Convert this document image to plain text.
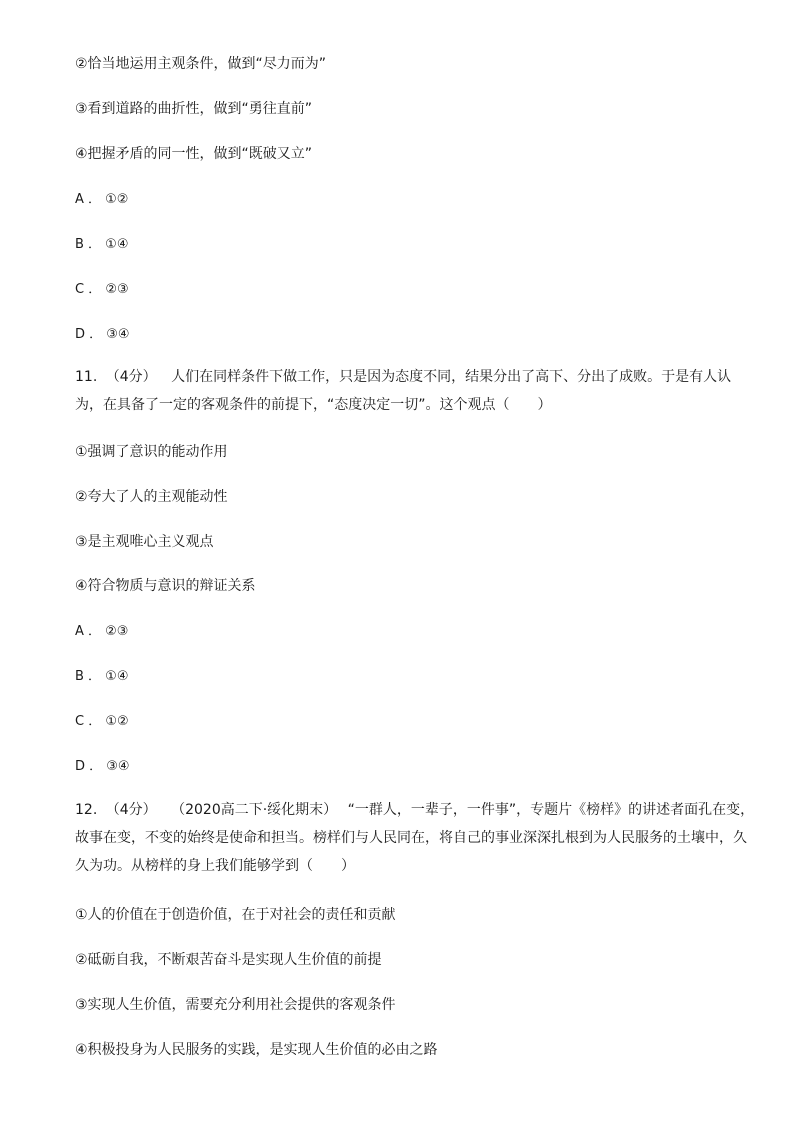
②恰当地运用主观条件，做到“尽力而为”
③看到道路的曲折性，做到“勇往直前”
④把握矛盾的同一性，做到“既破又立”
A ． ①②
B ． ①④
C ． ②③
D ． ③④
11. （4分） 人们在同样条件下做工作，只是因为态度不同，结果分出了高下、分出了成败。于是有人认为，在具备了一定的客观条件的前提下，“态度决定一切”。这个观点（　　）
①强调了意识的能动作用
②夸大了人的主观能动性
③是主观唯心主义观点
④符合物质与意识的辩证关系
A ． ②③
B ． ①④
C ． ①②
D ． ③④
12. （4分） （2020高二下·绥化期末） “一群人，一辈子，一件事”，专题片《榜样》的讲述者面孔在变，故事在变，不变的始终是使命和担当。榜样们与人民同在，将自己的事业深深扎根到为人民服务的土壤中，久久为功。从榜样的身上我们能够学到（　　）
①人的价值在于创造价值，在于对社会的责任和贡献
②砥砺自我，不断艰苦奋斗是实现人生价值的前提
③实现人生价值，需要充分利用社会提供的客观条件
④积极投身为人民服务的实践，是实现人生价值的必由之路
